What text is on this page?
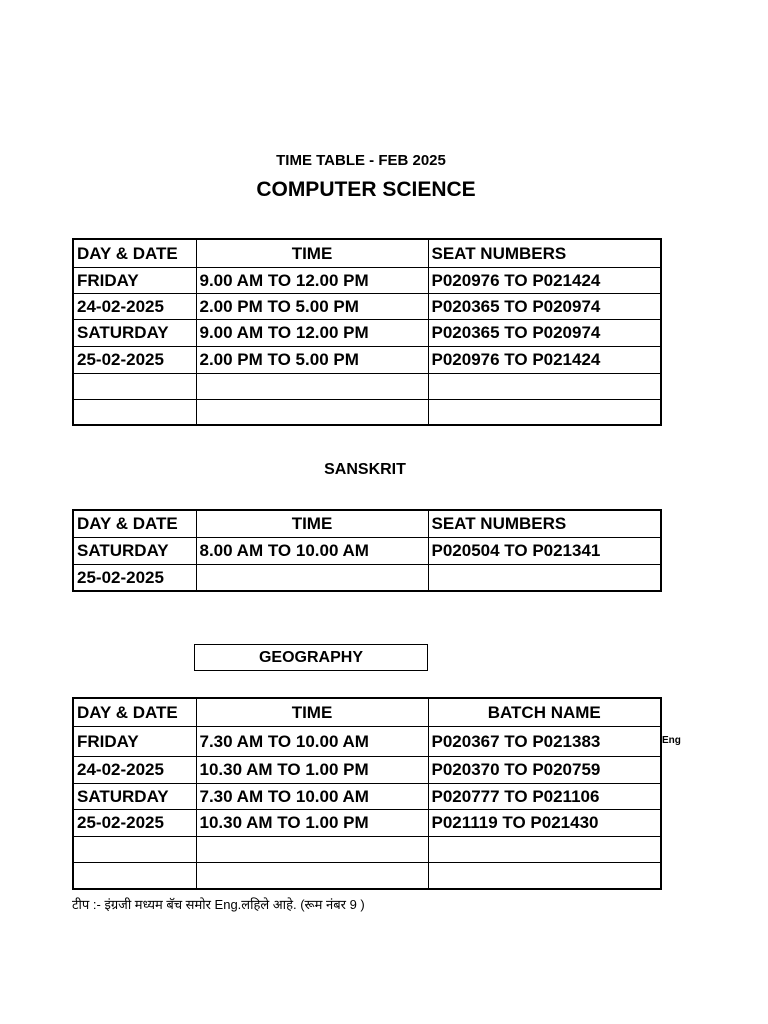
TIME TABLE - FEB 2025
COMPUTER SCIENCE
DAY & DATE	TIME	SEAT NUMBERS
FRIDAY	9.00 AM TO 12.00 PM	P020976 TO P021424
24-02-2025	2.00 PM TO 5.00 PM	P020365 TO P020974
SATURDAY	9.00 AM TO 12.00 PM	P020365 TO P020974
25-02-2025	2.00 PM TO 5.00 PM	P020976 TO P021424

SANSKRIT
DAY & DATE	TIME	SEAT NUMBERS
SATURDAY	8.00 AM TO 10.00 AM	P020504 TO P021341
25-02-2025		
GEOGRAPHY
DAY & DATE	TIME	BATCH NAME
FRIDAY	7.30 AM TO 10.00 AM	P020367 TO P021383
24-02-2025	10.30 AM TO 1.00 PM	P020370 TO P020759
SATURDAY	7.30 AM TO 10.00 AM	P020777 TO P021106
25-02-2025	10.30 AM TO 1.00 PM	P021119 TO P021430

Eng
टीप :- इंग्रजी मध्यम बॅच समोर Eng.लहिले आहे. (रूम नंबर 9 )
